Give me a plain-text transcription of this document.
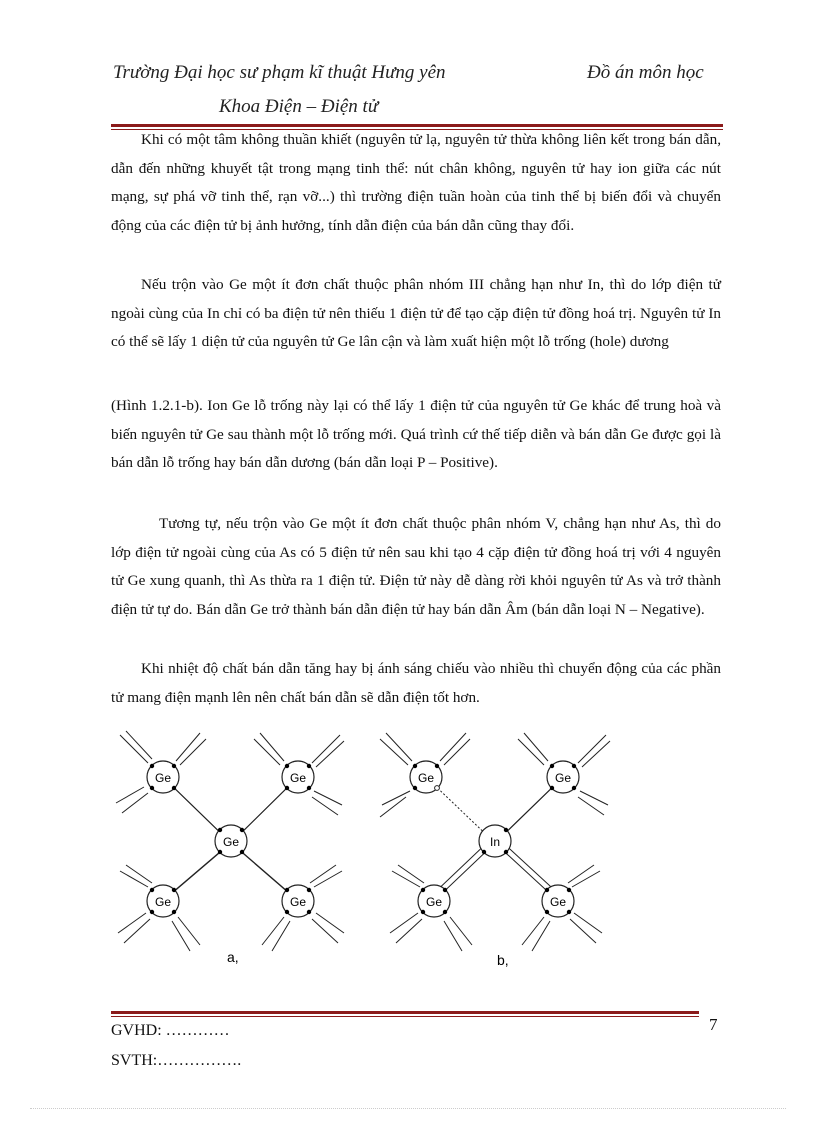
Trường Đại học sư phạm kĩ thuật Hưng yên	Đồ án môn học
Khoa Điện – Điện tử

Khi có một tâm không thuần khiết (nguyên tử lạ, nguyên tử thừa không liên kết trong bán dẫn, dẫn đến những khuyết tật trong mạng tinh thể: nút chân không, nguyên tử hay ion giữa các nút mạng, sự phá vỡ tinh thể, rạn vỡ...) thì trường điện tuần hoàn của tinh thể bị biến đổi và chuyển động của các điện tử bị ảnh hưởng, tính dẫn điện của bán dẫn cũng thay đổi.

Nếu trộn vào Ge một ít đơn chất thuộc phân nhóm III chẳng hạn như In, thì do lớp điện tử ngoài cùng của In chỉ có ba điện tử nên thiếu 1 điện tử để tạo cặp điện tử đồng hoá trị. Nguyên tử In có thể sẽ lấy 1 diện tử của nguyên tử Ge lân cận và làm xuất hiện một lỗ trống (hole) dương

(Hình 1.2.1-b). Ion Ge lỗ trống này lại có thể lấy 1 điện tử của nguyên tử Ge khác để trung hoà và biến nguyên tử Ge sau thành một lỗ trống mới. Quá trình cứ thế tiếp diễn và bán dẫn Ge được gọi là bán dẫn lỗ trống hay bán dẫn dương (bán dẫn loại P – Positive).

Tương tự, nếu trộn vào Ge một ít đơn chất thuộc phân nhóm V, chẳng hạn như As, thì do lớp điện tử ngoài cùng của As có 5 điện tử nên sau khi tạo 4 cặp điện tử đồng hoá trị với 4 nguyên tử Ge xung quanh, thì As thừa ra 1 điện tử. Điện tử này dễ dàng rời khỏi nguyên tử As và trở thành điện tử tự do. Bán dẫn Ge trở thành bán dẫn điện tử hay bán dẫn Âm (bán dẫn loại N – Negative).

Khi nhiệt độ chất bán dẫn tăng hay bị ánh sáng chiếu vào nhiều thì chuyển động của các phần tử mang điện mạnh lên nên chất bán dẫn sẽ dẫn điện tốt hơn.

Ge	Ge
Ge
Ge	Ge
Ge	Ge
In
Ge	Ge
a,	b,
7
GVHD: …………
SVTH:…………….
